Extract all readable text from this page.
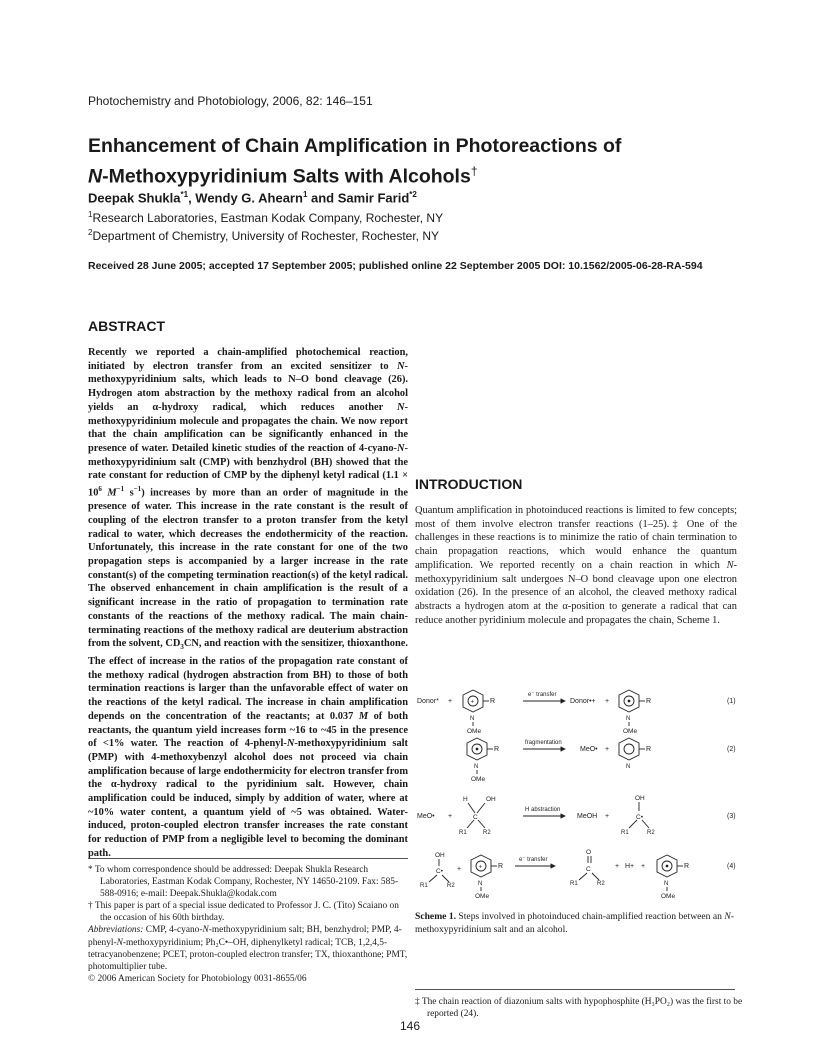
Photochemistry and Photobiology, 2006, 82: 146–151
Enhancement of Chain Amplification in Photoreactions of
N-Methoxypyridinium Salts with Alcohols†
Deepak Shukla$^{*1}$, Wendy G. Ahearn$^1$ and Samir Farid$^{*2}$
$^1$Research Laboratories, Eastman Kodak Company, Rochester, NY
$^2$Department of Chemistry, University of Rochester, Rochester, NY
Received 28 June 2005; accepted 17 September 2005; published online 22 September 2005 DOI: 10.1562/2005-06-28-RA-594
ABSTRACT

Recently we reported a chain-amplified photochemical reaction, initiated by electron transfer from an excited sensitizer to N-methoxypyridinium salts, which leads to N–O bond cleavage (26). Hydrogen atom abstraction by the methoxy radical from an alcohol yields an α-hydroxy radical, which reduces another N-methoxypyridinium molecule and propagates the chain. We now report that the chain amplification can be significantly enhanced in the presence of water. Detailed kinetic studies of the reaction of 4-cyano-N-methoxypyridinium salt (CMP) with benzhydrol (BH) showed that the rate constant for reduction of CMP by the diphenyl ketyl radical ($1.1 \times 10^6$ $M^{-1}$ $s^{-1}$) increases by more than an order of magnitude in the presence of water. This increase in the rate constant is the result of coupling of the electron transfer to a proton transfer from the ketyl radical to water, which decreases the endothermicity of the reaction. Unfortunately, this increase in the rate constant for one of the two propagation steps is accompanied by a larger increase in the rate constant(s) of the competing termination reaction(s) of the ketyl radical. The observed enhancement in chain amplification is the result of a significant increase in the ratio of propagation to termination rate constants of the reactions of the methoxy radical. The main chain-terminating reactions of the methoxy radical are deuterium abstraction from the solvent, $CD_3CN$, and reaction with the sensitizer, thioxanthone. The effect of increase in the ratios of the propagation rate constant of the methoxy radical (hydrogen abstraction from BH) to those of both termination reactions is larger than the unfavorable effect of water on the reactions of the ketyl radical. The increase in chain amplification depends on the concentration of the reactants; at 0.037 M of both reactants, the quantum yield increases form ~16 to ~45 in the presence of <1% water. The reaction of 4-phenyl-N-methoxypyridinium salt (PMP) with 4-methoxybenzyl alcohol does not proceed via chain amplification because of large endothermicity for electron transfer from the α-hydroxy radical to the pyridinium salt. However, chain amplification could be induced, simply by addition of water, where at ~10% water content, a quantum yield of ~5 was obtained. Water-induced, proton-coupled electron transfer increases the rate constant for reduction of PMP from a negligible level to becoming the dominant path.

INTRODUCTION

Quantum amplification in photoinduced reactions is limited to few concepts; most of them involve electron transfer reactions (1–25).‡ One of the challenges in these reactions is to minimize the ratio of chain termination to chain propagation reactions, which would enhance the quantum amplification. We reported recently on a chain reaction in which N-methoxypyridinium salt undergoes N–O bond cleavage upon one electron oxidation (26). In the presence of an alcohol, the cleaved methoxy radical abstracts a hydrogen atom at the α-position to generate a radical that can reduce another pyridinium molecule and propagates the chain, Scheme 1.

Donor* +	+ R
N
OMe
e⁻ transfer
Donor•+ +	R
N
OMe
(1)
R
N
OMe
fragmentation
MeO• +	R
N
(2)
MeO• +
H	OH
C
R1	R2
H abstraction
MeOH +
OH
C•
R1	R2
(3)
OH
C•
R1	R2
+	+ R
N
OMe
e⁻ transfer
O
C
R1	R2
+ H+ +	R
N
OMe
(4)

Scheme 1. Steps involved in photoinduced chain-amplified reaction between an N-methoxypyridinium salt and an alcohol.

* To whom correspondence should be addressed: Deepak Shukla Research Laboratories, Eastman Kodak Company, Rochester, NY 14650-2109. Fax: 585-588-0916; e-mail: Deepak.Shukla@kodak.com

† This paper is part of a special issue dedicated to Professor J. C. (Tito) Scaiano on the occasion of his 60th birthday.

Abbreviations: CMP, 4-cyano-N-methoxypyridinium salt; BH, benzhydrol; PMP, 4-phenyl-N-methoxypyridinium; Ph₂C•–OH, diphenylketyl radical; TCB, 1,2,4,5-tetracyanobenzene; PCET, proton-coupled electron transfer; TX, thioxanthone; PMT, photomultiplier tube.

© 2006 American Society for Photobiology 0031-8655/06

‡ The chain reaction of diazonium salts with hypophosphite (H₃PO₂) was the first to be reported (24).

146
